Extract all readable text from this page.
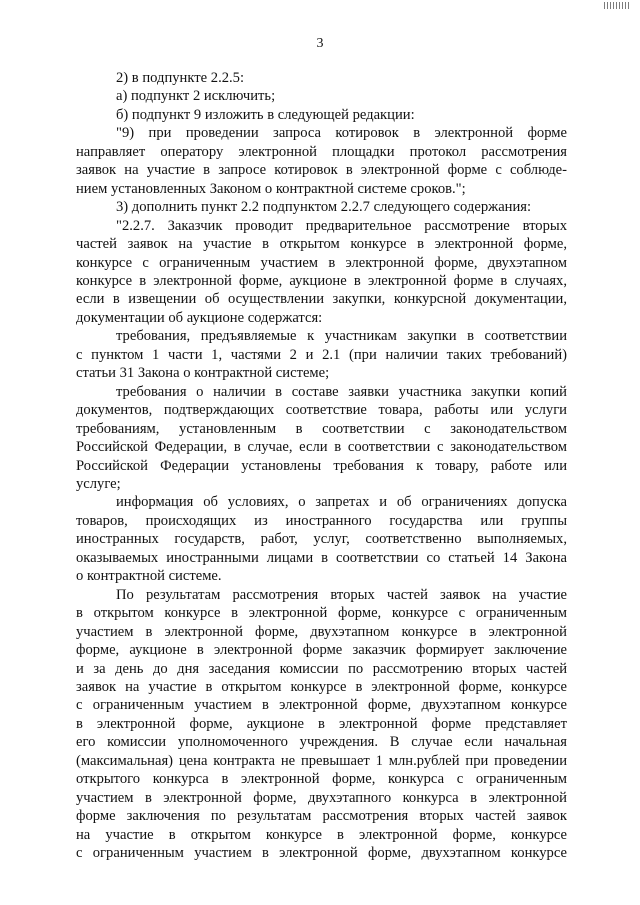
3
2) в подпункте 2.2.5:
а) подпункт 2 исключить;
б) подпункт 9 изложить в следующей редакции:
"9) при проведении запроса котировок в электронной форме
направляет оператору электронной площадки протокол рассмотрения
заявок на участие в запросе котировок в электронной форме с соблюде-
нием установленных Законом о контрактной системе сроков.";
3) дополнить пункт 2.2 подпунктом 2.2.7 следующего содержания:
"2.2.7. Заказчик проводит предварительное рассмотрение вторых
частей заявок на участие в открытом конкурсе в электронной форме,
конкурсе с ограниченным участием в электронной форме, двухэтапном
конкурсе в электронной форме, аукционе в электронной форме в случаях,
если в извещении об осуществлении закупки, конкурсной документации,
документации об аукционе содержатся:
требования, предъявляемые к участникам закупки в соответствии
с пунктом 1 части 1, частями 2 и 2.1 (при наличии таких требований)
статьи 31 Закона о контрактной системе;
требования о наличии в составе заявки участника закупки копий
документов, подтверждающих соответствие товара, работы или услуги
требованиям, установленным в соответствии с законодательством
Российской Федерации, в случае, если в соответствии с законодательством
Российской Федерации установлены требования к товару, работе или
услуге;
информация об условиях, о запретах и об ограничениях допуска
товаров, происходящих из иностранного государства или группы
иностранных государств, работ, услуг, соответственно выполняемых,
оказываемых иностранными лицами в соответствии со статьей 14 Закона
о контрактной системе.
По результатам рассмотрения вторых частей заявок на участие
в открытом конкурсе в электронной форме, конкурсе с ограниченным
участием в электронной форме, двухэтапном конкурсе в электронной
форме, аукционе в электронной форме заказчик формирует заключение
и за день до дня заседания комиссии по рассмотрению вторых частей
заявок на участие в открытом конкурсе в электронной форме, конкурсе
с ограниченным участием в электронной форме, двухэтапном конкурсе
в электронной форме, аукционе в электронной форме представляет
его комиссии уполномоченного учреждения. В случае если начальная
(максимальная) цена контракта не превышает 1 млн.рублей при проведении
открытого конкурса в электронной форме, конкурса с ограниченным
участием в электронной форме, двухэтапного конкурса в электронной
форме заключения по результатам рассмотрения вторых частей заявок
на участие в открытом конкурсе в электронной форме, конкурсе
с ограниченным участием в электронной форме, двухэтапном конкурсе
